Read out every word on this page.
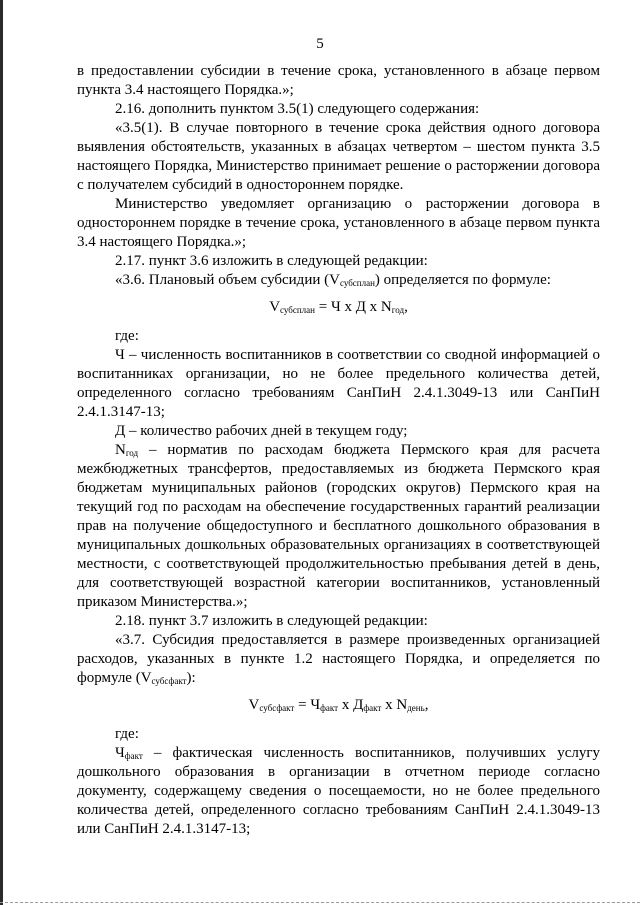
5

в предоставлении субсидии в течение срока, установленного в абзаце первом пункта 3.4 настоящего Порядка.»;

2.16. дополнить пунктом 3.5(1) следующего содержания:

«3.5(1). В случае повторного в течение срока действия одного договора выявления обстоятельств, указанных в абзацах четвертом – шестом пункта 3.5 настоящего Порядка, Министерство принимает решение о расторжении договора с получателем субсидий в одностороннем порядке.

Министерство уведомляет организацию о расторжении договора в одностороннем порядке в течение срока, установленного в абзаце первом пункта 3.4 настоящего Порядка.»;

2.17. пункт 3.6 изложить в следующей редакции:

«3.6. Плановый объем субсидии $(V_{субсплан})$ определяется по формуле:

$V_{субсплан} = Ч$ x Д x $N_{год}$,

где:

Ч – численность воспитанников в соответствии со сводной информацией о воспитанниках организации, но не более предельного количества детей, определенного согласно требованиям СанПиН 2.4.1.3049-13 или СанПиН 2.4.1.3147-13;

Д – количество рабочих дней в текущем году;

$N_{год}$ – норматив по расходам бюджета Пермского края для расчета межбюджетных трансфертов, предоставляемых из бюджета Пермского края бюджетам муниципальных районов (городских округов) Пермского края на текущий год по расходам на обеспечение государственных гарантий реализации прав на получение общедоступного и бесплатного дошкольного образования в муниципальных дошкольных образовательных организациях в соответствующей местности, с соответствующей продолжительностью пребывания детей в день, для соответствующей возрастной категории воспитанников, установленный приказом Министерства.»;

2.18. пункт 3.7 изложить в следующей редакции:

«3.7. Субсидия предоставляется в размере произведенных организацией расходов, указанных в пункте 1.2 настоящего Порядка, и определяется по формуле $(V_{субсфакт})$:

$V_{субсфакт} = Ч_{факт}$ x $Д_{факт}$ x $N_{день}$,

где:

$Ч_{факт}$ – фактическая численность воспитанников, получивших услугу дошкольного образования в организации в отчетном периоде согласно документу, содержащему сведения о посещаемости, но не более предельного количества детей, определенного согласно требованиям СанПиН 2.4.1.3049-13 или СанПиН 2.4.1.3147-13;
